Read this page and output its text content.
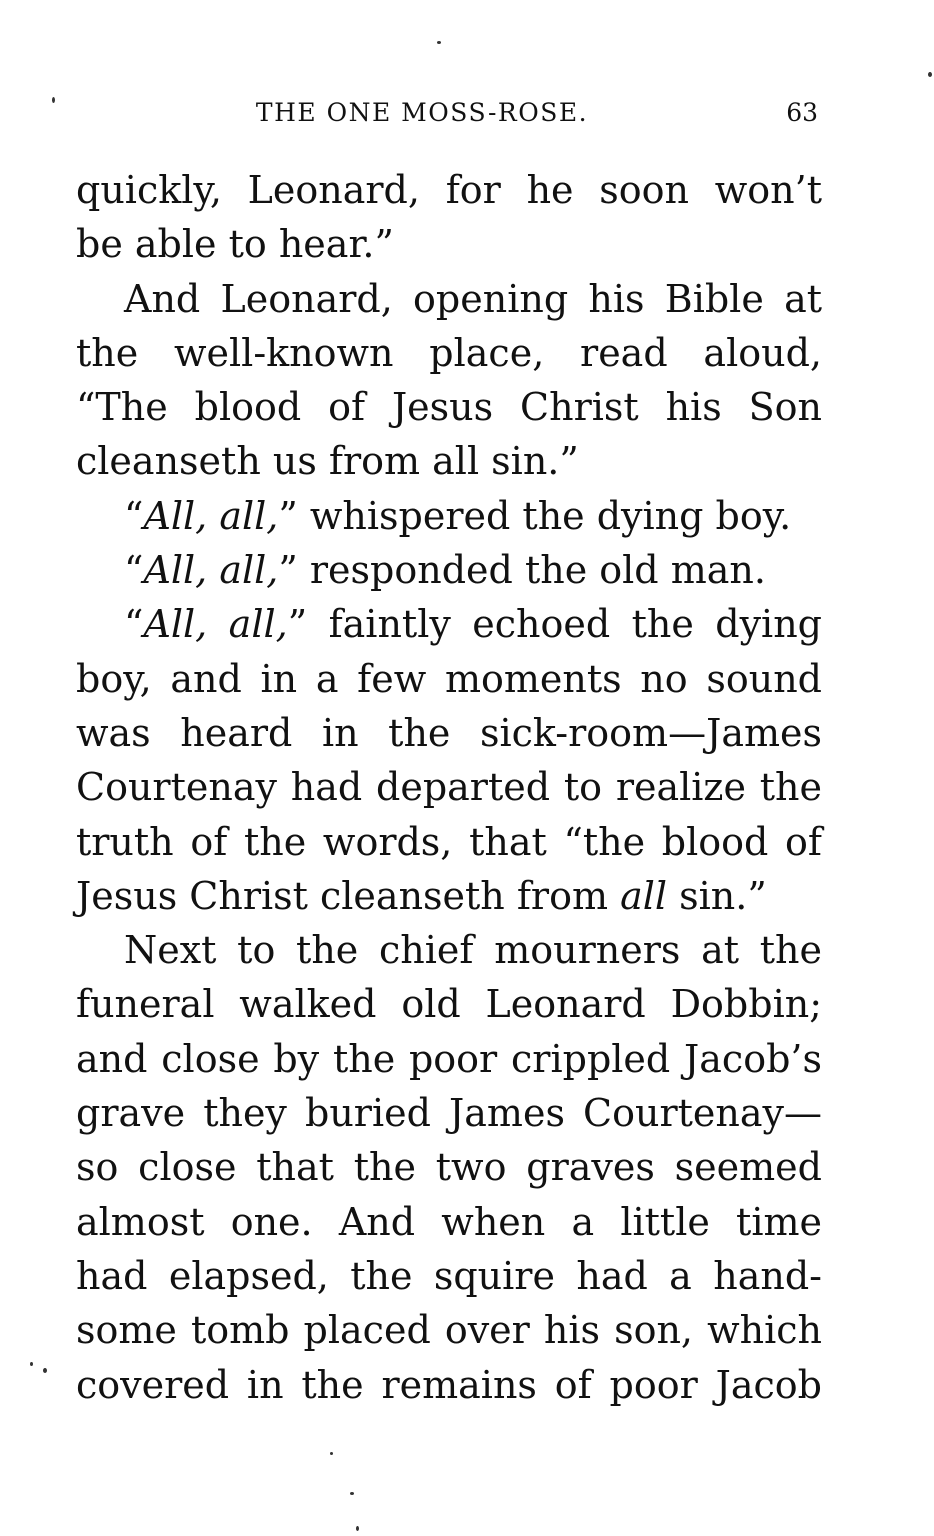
THE ONE MOSS-ROSE.	63
quickly, Leonard, for he soon won’t
be able to hear.”
And Leonard, opening his Bible at
the well-known place, read aloud,
“The blood of Jesus Christ his Son
cleanseth us from all sin.”
“All, all,” whispered the dying boy.
“All, all,” responded the old man.
“All, all,” faintly echoed the dying
boy, and in a few moments no sound
was heard in the sick-room—James
Courtenay had departed to realize the
truth of the words, that “the blood of
Jesus Christ cleanseth from all sin.”
Next to the chief mourners at the
funeral walked old Leonard Dobbin;
and close by the poor crippled Jacob’s
grave they buried James Courtenay—
so close that the two graves seemed
almost one. And when a little time
had elapsed, the squire had a hand-
some tomb placed over his son, which
covered in the remains of poor Jacob
